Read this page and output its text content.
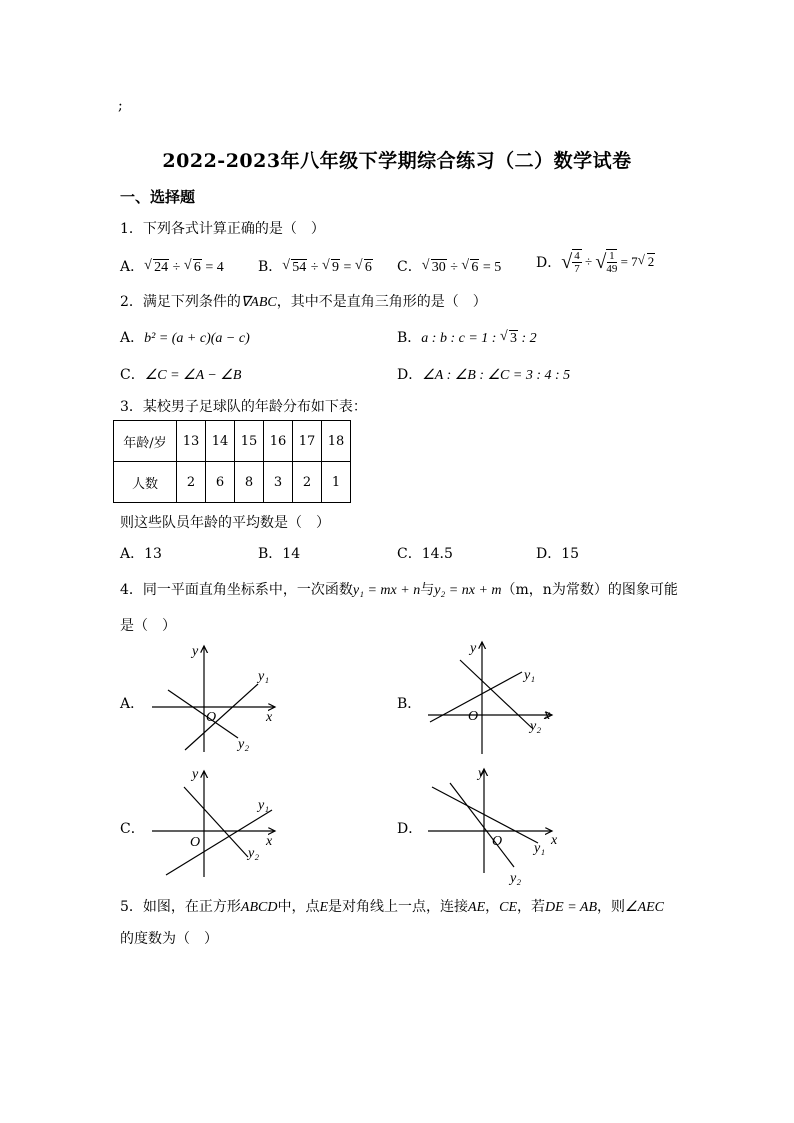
;
2022-2023年八年级下学期综合练习（二）数学试卷
一、选择题
1．下列各式计算正确的是（　）
A． √ 24 ÷ √ 6 = 4 B． √ 54 ÷ √ 9 = √ 6 C． √ 30 ÷ √ 6 = 5 D． √ $\frac{4}{7}$ ÷ √ $\frac{1}{49} = 7$ √ 2
2．满足下列条件的∇ABC，其中不是直角三角形的是（　）
A．b² = (a + c)(a − c)	B．a : b : c = 1 : √ 3 : 2
C．∠C = ∠A − ∠B	D．∠A : ∠B : ∠C = 3 : 4 : 5
3．某校男子足球队的年龄分布如下表：
年龄/岁	13	14	15	16	17	18
人数	2	6	8	3	2	1
则这些队员年龄的平均数是（　）
A．13	B．14	C．14.5	D．15
4．同一平面直角坐标系中，一次函数y₁ = mx + n与y₂ = nx + m（m，n为常数）的图象可能
是（　）
A．	B．
C．	D．
y
x
O
y₁
y₂
y
x
O
y₁
y₂
y
x
O
y₁
y₂
y
x
O y₁
y₂
5．如图，在正方形ABCD中，点E是对角线上一点，连接AE，CE，若DE = AB，则∠AEC
的度数为（　）
